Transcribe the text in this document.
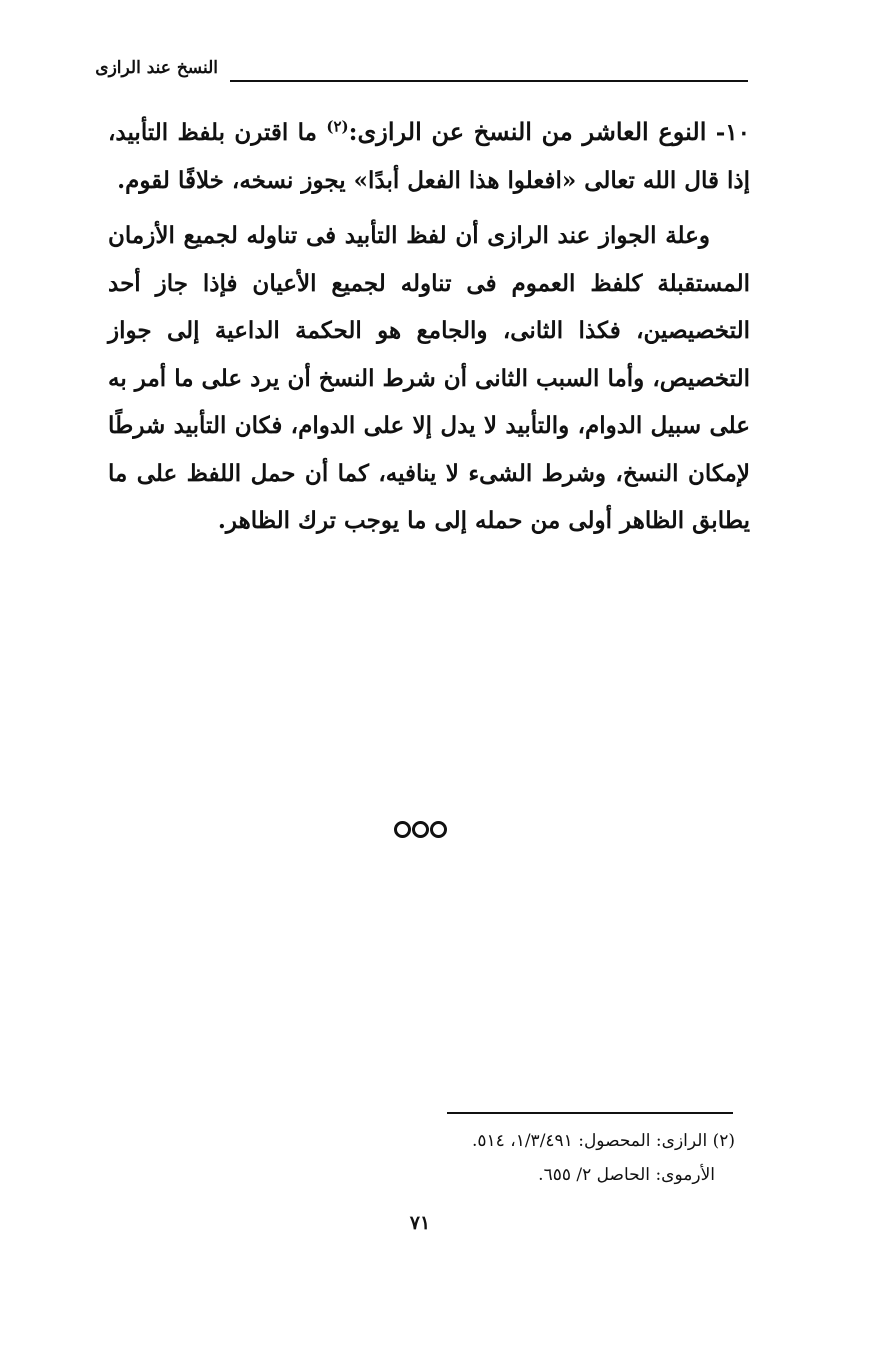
النسخ عند الرازى

١٠- النوع العاشر من النسخ عن الرازى:$^{(٢)}$ ما اقترن بلفظ التأبيد، إذا قال الله تعالى «افعلوا هذا الفعل أبدًا» يجوز نسخه، خلافًا لقوم.

وعلة الجواز عند الرازى أن لفظ التأبيد فى تناوله لجميع الأزمان المستقبلة كلفظ العموم فى تناوله لجميع الأعيان فإذا جاز أحد التخصيصين، فكذا الثانى، والجامع هو الحكمة الداعية إلى جواز التخصيص، وأما السبب الثانى أن شرط النسخ أن يرد على ما أمر به على سبيل الدوام، والتأبيد لا يدل إلا على الدوام، فكان التأبيد شرطًا لإمكان النسخ، وشرط الشىء لا ينافيه، كما أن حمل اللفظ على ما يطابق الظاهر أولى من حمله إلى ما يوجب ترك الظاهر.

(٢) الرازى: المحصول: ١/٣/٤٩١، ٥١٤.
الأرموى: الحاصل ٢/ ٦٥٥.
٧١
